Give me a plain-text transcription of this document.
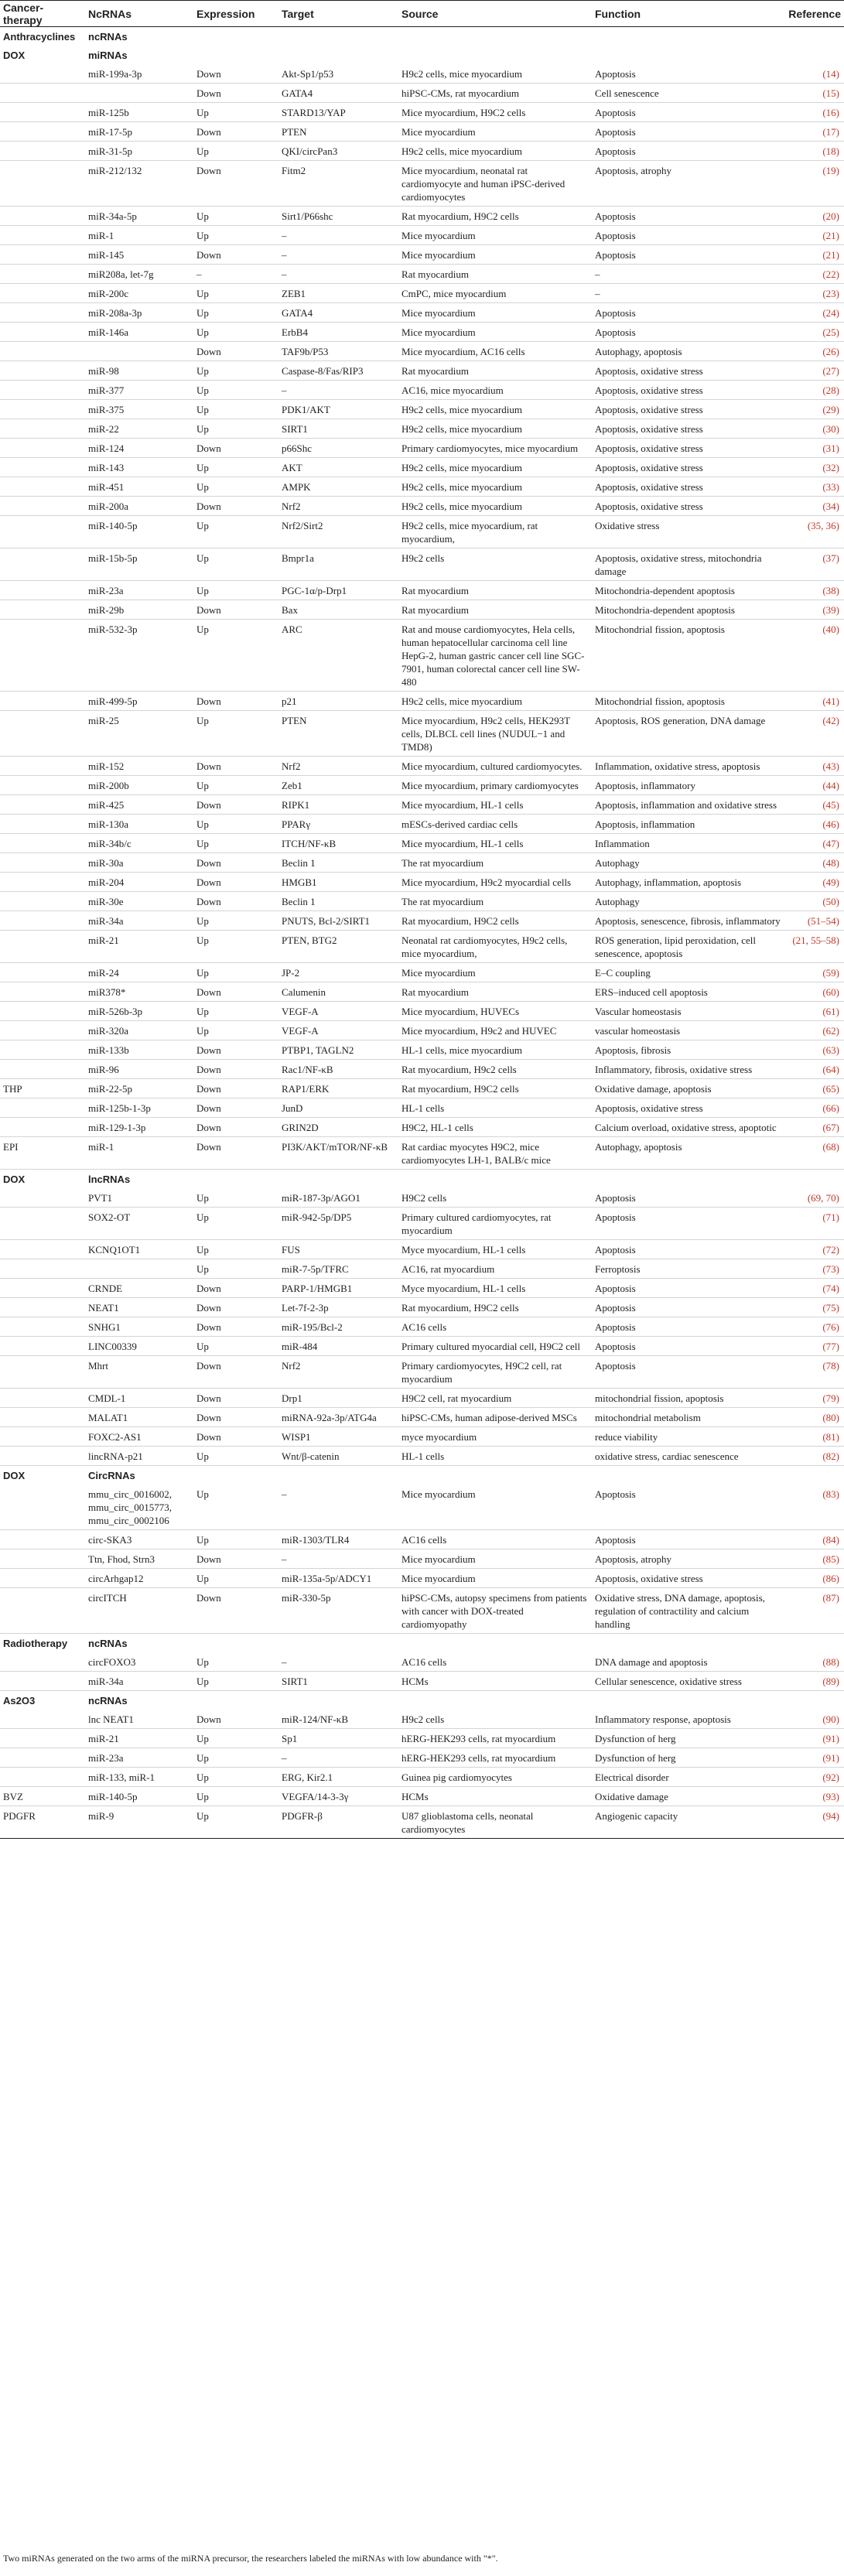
Cancer-therapy	NcRNAs	Expression	Target	Source	Function	Reference
Anthracyclines	ncRNAs					
DOX	miRNAs					
	miR-199a-3p	Down	Akt-Sp1/p53	H9c2 cells, mice myocardium	Apoptosis	(14)
		Down	GATA4	hiPSC-CMs, rat myocardium	Cell senescence	(15)
	miR-125b	Up	STARD13/YAP	Mice myocardium, H9C2 cells	Apoptosis	(16)
	miR-17-5p	Down	PTEN	Mice myocardium	Apoptosis	(17)
	miR-31-5p	Up	QKI/circPan3	H9c2 cells, mice myocardium	Apoptosis	(18)
	miR-212/132	Down	Fitm2	Mice myocardium, neonatal rat cardiomyocyte and human iPSC-derived cardiomyocytes	Apoptosis, atrophy	(19)
	miR-34a-5p	Up	Sirt1/P66shc	Rat myocardium, H9C2 cells	Apoptosis	(20)
	miR-1	Up	–	Mice myocardium	Apoptosis	(21)
	miR-145	Down	–	Mice myocardium	Apoptosis	(21)
	miR208a, let-7g	–	–	Rat myocardium	–	(22)
	miR-200c	Up	ZEB1	CmPC, mice myocardium	–	(23)
	miR-208a-3p	Up	GATA4	Mice myocardium	Apoptosis	(24)
	miR-146a	Up	ErbB4	Mice myocardium	Apoptosis	(25)
		Down	TAF9b/P53	Mice myocardium, AC16 cells	Autophagy, apoptosis	(26)
	miR-98	Up	Caspase-8/Fas/RIP3	Rat myocardium	Apoptosis, oxidative stress	(27)
	miR-377	Up	–	AC16, mice myocardium	Apoptosis, oxidative stress	(28)
	miR-375	Up	PDK1/AKT	H9c2 cells, mice myocardium	Apoptosis, oxidative stress	(29)
	miR-22	Up	SIRT1	H9c2 cells, mice myocardium	Apoptosis, oxidative stress	(30)
	miR-124	Down	p66Shc	Primary cardiomyocytes, mice myocardium	Apoptosis, oxidative stress	(31)
	miR-143	Up	AKT	H9c2 cells, mice myocardium	Apoptosis, oxidative stress	(32)
	miR-451	Up	AMPK	H9c2 cells, mice myocardium	Apoptosis, oxidative stress	(33)
	miR-200a	Down	Nrf2	H9c2 cells, mice myocardium	Apoptosis, oxidative stress	(34)
	miR-140-5p	Up	Nrf2/Sirt2	H9c2 cells, mice myocardium, rat myocardium,	Oxidative stress	(35, 36)
	miR-15b-5p	Up	Bmpr1a	H9c2 cells	Apoptosis, oxidative stress, mitochondria damage	(37)
	miR-23a	Up	PGC-1α/p-Drp1	Rat myocardium	Mitochondria-dependent apoptosis	(38)
	miR-29b	Down	Bax	Rat myocardium	Mitochondria-dependent apoptosis	(39)
	miR-532-3p	Up	ARC	Rat and mouse cardiomyocytes, Hela cells, human hepatocellular carcinoma cell line HepG-2, human gastric cancer cell line SGC-7901, human colorectal cancer cell line SW-480	Mitochondrial fission, apoptosis	(40)
	miR-499-5p	Down	p21	H9c2 cells, mice myocardium	Mitochondrial fission, apoptosis	(41)
	miR-25	Up	PTEN	Mice myocardium, H9c2 cells, HEK293T cells, DLBCL cell lines (NUDUL−1 and TMD8)	Apoptosis, ROS generation, DNA damage	(42)
	miR-152	Down	Nrf2	Mice myocardium, cultured cardiomyocytes.	Inflammation, oxidative stress, apoptosis	(43)
	miR-200b	Up	Zeb1	Mice myocardium, primary cardiomyocytes	Apoptosis, inflammatory	(44)
	miR-425	Down	RIPK1	Mice myocardium, HL-1 cells	Apoptosis, inflammation and oxidative stress	(45)
	miR-130a	Up	PPARγ	mESCs-derived cardiac cells	Apoptosis, inflammation	(46)
	miR-34b/c	Up	ITCH/NF-κB	Mice myocardium, HL-1 cells	Inflammation	(47)
	miR-30a	Down	Beclin 1	The rat myocardium	Autophagy	(48)
	miR-204	Down	HMGB1	Mice myocardium, H9c2 myocardial cells	Autophagy, inflammation, apoptosis	(49)
	miR-30e	Down	Beclin 1	The rat myocardium	Autophagy	(50)
	miR-34a	Up	PNUTS, Bcl-2/SIRT1	Rat myocardium, H9C2 cells	Apoptosis, senescence, fibrosis, inflammatory	(51–54)
	miR-21	Up	PTEN, BTG2	Neonatal rat cardiomyocytes, H9c2 cells, mice myocardium,	ROS generation, lipid peroxidation, cell senescence, apoptosis	(21, 55–58)
	miR-24	Up	JP-2	Mice myocardium	E–C coupling	(59)
	miR378*	Down	Calumenin	Rat myocardium	ERS–induced cell apoptosis	(60)
	miR-526b-3p	Up	VEGF-A	Mice myocardium, HUVECs	Vascular homeostasis	(61)
	miR-320a	Up	VEGF-A	Mice myocardium, H9c2 and HUVEC	vascular homeostasis	(62)
	miR-133b	Down	PTBP1, TAGLN2	HL-1 cells, mice myocardium	Apoptosis, fibrosis	(63)
	miR-96	Down	Rac1/NF-κB	Rat myocardium, H9c2 cells	Inflammatory, fibrosis, oxidative stress	(64)
THP	miR-22-5p	Down	RAP1/ERK	Rat myocardium, H9C2 cells	Oxidative damage, apoptosis	(65)
	miR-125b-1-3p	Down	JunD	HL-1 cells	Apoptosis, oxidative stress	(66)
	miR-129-1-3p	Down	GRIN2D	H9C2, HL-1 cells	Calcium overload, oxidative stress, apoptotic	(67)
EPI	miR-1	Down	PI3K/AKT/mTOR/NF-κB	Rat cardiac myocytes H9C2, mice cardiomyocytes LH-1, BALB/c mice	Autophagy, apoptosis	(68)
DOX	lncRNAs					
	PVT1	Up	miR-187-3p/AGO1	H9C2 cells	Apoptosis	(69, 70)
	SOX2-OT	Up	miR-942-5p/DP5	Primary cultured cardiomyocytes, rat myocardium	Apoptosis	(71)
	KCNQ1OT1	Up	FUS	Myce myocardium, HL-1 cells	Apoptosis	(72)
		Up	miR-7-5p/TFRC	AC16, rat myocardium	Ferroptosis	(73)
	CRNDE	Down	PARP-1/HMGB1	Myce myocardium, HL-1 cells	Apoptosis	(74)
	NEAT1	Down	Let-7f-2-3p	Rat myocardium, H9C2 cells	Apoptosis	(75)
	SNHG1	Down	miR-195/Bcl-2	AC16 cells	Apoptosis	(76)
	LINC00339	Up	miR-484	Primary cultured myocardial cell, H9C2 cell	Apoptosis	(77)
	Mhrt	Down	Nrf2	Primary cardiomyocytes, H9C2 cell, rat myocardium	Apoptosis	(78)
	CMDL-1	Down	Drp1	H9C2 cell, rat myocardium	mitochondrial fission, apoptosis	(79)
	MALAT1	Down	miRNA-92a-3p/ATG4a	hiPSC-CMs, human adipose-derived MSCs	mitochondrial metabolism	(80)
	FOXC2-AS1	Down	WISP1	myce myocardium	reduce viability	(81)
	lincRNA-p21	Up	Wnt/β-catenin	HL-1 cells	oxidative stress, cardiac senescence	(82)
DOX	CircRNAs					
	mmu_circ_0016002, mmu_circ_0015773, mmu_circ_0002106	Up	–	Mice myocardium	Apoptosis	(83)
	circ-SKA3	Up	miR-1303/TLR4	AC16 cells	Apoptosis	(84)
	Ttn, Fhod, Strn3	Down	–	Mice myocardium	Apoptosis, atrophy	(85)
	circArhgap12	Up	miR-135a-5p/ADCY1	Mice myocardium	Apoptosis, oxidative stress	(86)
	circITCH	Down	miR-330-5p	hiPSC-CMs, autopsy specimens from patients with cancer with DOX-treated cardiomyopathy	Oxidative stress, DNA damage, apoptosis, regulation of contractility and calcium handling	(87)
Radiotherapy	ncRNAs					
	circFOXO3	Up	–	AC16 cells	DNA damage and apoptosis	(88)
	miR-34a	Up	SIRT1	HCMs	Cellular senescence, oxidative stress	(89)
As2O3	ncRNAs					
	lnc NEAT1	Down	miR-124/NF-κB	H9c2 cells	Inflammatory response, apoptosis	(90)
	miR-21	Up	Sp1	hERG-HEK293 cells, rat myocardium	Dysfunction of herg	(91)
	miR-23a	Up	–	hERG-HEK293 cells, rat myocardium	Dysfunction of herg	(91)
	miR-133, miR-1	Up	ERG, Kir2.1	Guinea pig cardiomyocytes	Electrical disorder	(92)
BVZ	miR-140-5p	Up	VEGFA/14-3-3γ	HCMs	Oxidative damage	(93)
PDGFR	miR-9	Up	PDGFR-β	U87 glioblastoma cells, neonatal cardiomyocytes	Angiogenic capacity	(94)
Two miRNAs generated on the two arms of the miRNA precursor, the researchers labeled the miRNAs with low abundance with "*".
